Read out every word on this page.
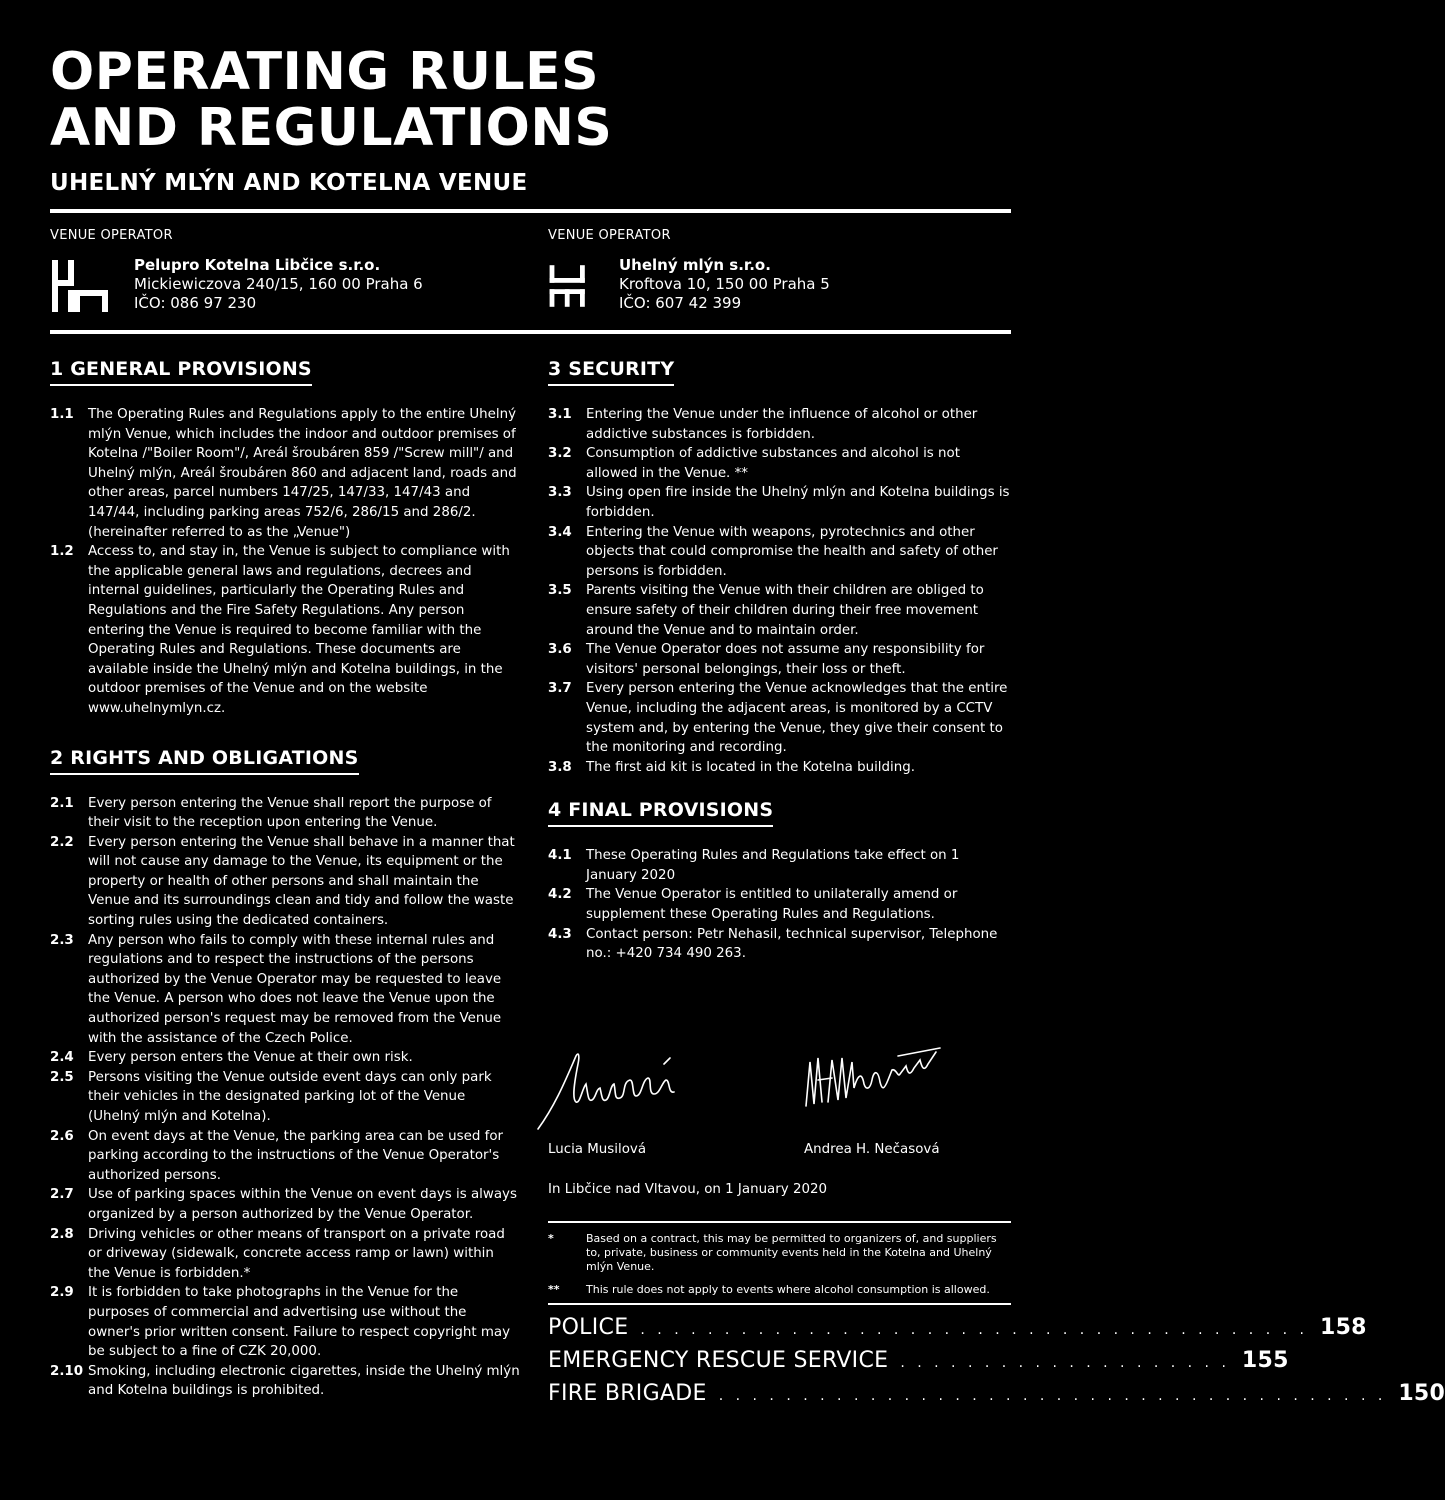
OPERATING RULES
AND REGULATIONS
UHELNÝ MLÝN AND KOTELNA VENUE
VENUE OPERATOR
Pelupro Kotelna Libčice s.r.o.
Mickiewiczova 240/15, 160 00 Praha 6
IČO: 086 97 230
VENUE OPERATOR
Uhelný mlýn s.r.o.
Kroftova 10, 150 00 Praha 5
IČO: 607 42 399
1 GENERAL PROVISIONS
1.1	The Operating Rules and Regulations apply to the entire Uhelný mlýn Venue, which includes the indoor and outdoor premises of Kotelna /"Boiler Room"/, Areál šroubáren 859 /"Screw mill"/ and Uhelný mlýn, Areál šroubáren 860 and adjacent land, roads and other areas, parcel numbers 147/25, 147/33, 147/43 and 147/44, including parking areas 752/6, 286/15 and 286/2. (hereinafter referred to as the „Venue")
1.2	Access to, and stay in, the Venue is subject to compliance with the applicable general laws and regulations, decrees and internal guidelines, particularly the Operating Rules and Regulations and the Fire Safety Regulations. Any person entering the Venue is required to become familiar with the Operating Rules and Regulations. These documents are available inside the Uhelný mlýn and Kotelna buildings, in the outdoor premises of the Venue and on the website www.uhelnymlyn.cz.
2 RIGHTS AND OBLIGATIONS
2.1	Every person entering the Venue shall report the purpose of their visit to the reception upon entering the Venue.
2.2	Every person entering the Venue shall behave in a manner that will not cause any damage to the Venue, its equipment or the property or health of other persons and shall maintain the Venue and its surroundings clean and tidy and follow the waste sorting rules using the dedicated containers.
2.3	Any person who fails to comply with these internal rules and regulations and to respect the instructions of the persons authorized by the Venue Operator may be requested to leave the Venue. A person who does not leave the Venue upon the authorized person's request may be removed from the Venue with the assistance of the Czech Police.
2.4	Every person enters the Venue at their own risk.
2.5	Persons visiting the Venue outside event days can only park their vehicles in the designated parking lot of the Venue (Uhelný mlýn and Kotelna).
2.6	On event days at the Venue, the parking area can be used for parking according to the instructions of the Venue Operator's authorized persons.
2.7	Use of parking spaces within the Venue on event days is always organized by a person authorized by the Venue Operator.
2.8	Driving vehicles or other means of transport on a private road or driveway (sidewalk, concrete access ramp or lawn) within the Venue is forbidden.*
2.9	It is forbidden to take photographs in the Venue for the purposes of commercial and advertising use without the owner's prior written consent. Failure to respect copyright may be subject to a fine of CZK 20,000.
2.10 Smoking, including electronic cigarettes, inside the Uhelný mlýn and Kotelna buildings is prohibited.
3 SECURITY
3.1	Entering the Venue under the influence of alcohol or other addictive substances is forbidden.
3.2	Consumption of addictive substances and alcohol is not allowed in the Venue. **
3.3	Using open fire inside the Uhelný mlýn and Kotelna buildings is forbidden.
3.4	Entering the Venue with weapons, pyrotechnics and other objects that could compromise the health and safety of other persons is forbidden.
3.5	Parents visiting the Venue with their children are obliged to ensure safety of their children during their free movement around the Venue and to maintain order.
3.6	The Venue Operator does not assume any responsibility for visitors' personal belongings, their loss or theft.
3.7	Every person entering the Venue acknowledges that the entire Venue, including the adjacent areas, is monitored by a CCTV system and, by entering the Venue, they give their consent to the monitoring and recording.
3.8	The first aid kit is located in the Kotelna building.
4 FINAL PROVISIONS
4.1	These Operating Rules and Regulations take effect on 1 January 2020
4.2	The Venue Operator is entitled to unilaterally amend or supplement these Operating Rules and Regulations.
4.3	Contact person: Petr Nehasil, technical supervisor, Telephone no.: +420 734 490 263.
Lucia Musilová	Andrea H. Nečasová
In Libčice nad Vltavou, on 1 January 2020
*	Based on a contract, this may be permitted to organizers of, and suppliers to, private, business or community events held in the Kotelna and Uhelný mlýn Venue.
**	This rule does not apply to events where alcohol consumption is allowed.
POLICE . . . . . . . . . . . . . . . . . . . . . . . . . . . . . . . . . . . . . . . . 158
EMERGENCY RESCUE SERVICE . . . . . . . . . . . . . . . . . . . . 155
FIRE BRIGADE . . . . . . . . . . . . . . . . . . . . . . . . . . . . . . . . . . . . . . . . 150
